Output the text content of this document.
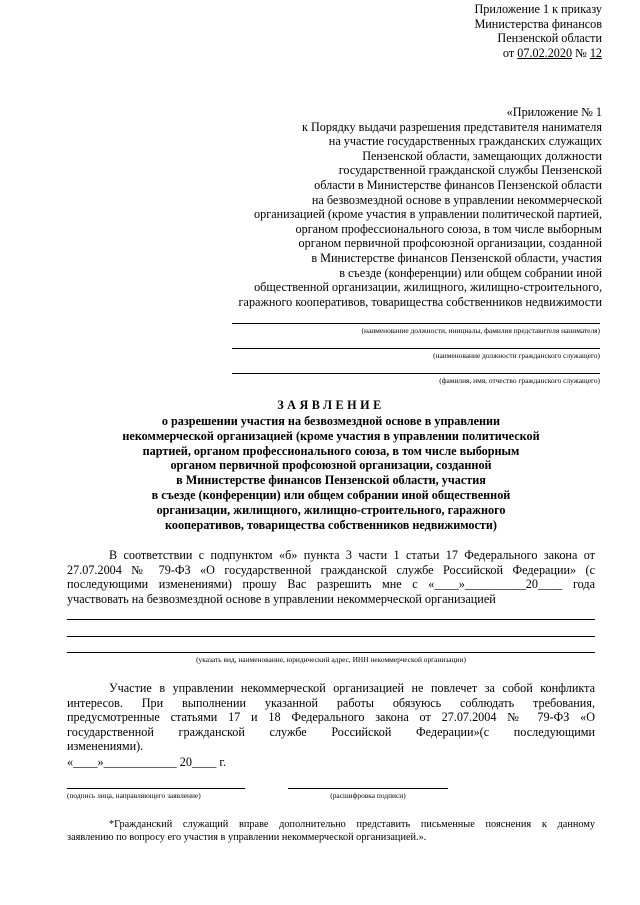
Приложение 1 к приказу
Министерства финансов
Пензенской области
от 07.02.2020 № 12
«Приложение № 1
к Порядку выдачи разрешения представителя нанимателя
на участие государственных гражданских служащих
Пензенской области, замещающих должности
государственной гражданской службы Пензенской
области в Министерстве финансов Пензенской области
на безвозмездной основе в управлении некоммерческой
организацией (кроме участия в управлении политической партией,
органом профессионального союза, в том числе выборным
органом первичной профсоюзной организации, созданной
в Министерстве финансов Пензенской области, участия
в съезде (конференции) или общем собрании иной
общественной организации, жилищного, жилищно-строительного,
гаражного кооперативов, товарищества собственников недвижимости
(наименование должности, инициалы, фамилия представителя нанимателя)
(наименование должности гражданского служащего)
(фамилия, имя, отчество гражданского служащего)
ЗАЯВЛЕНИЕ
о разрешении участия на безвозмездной основе в управлении
некоммерческой организацией (кроме участия в управлении политической
партией, органом профессионального союза, в том числе выборным
органом первичной профсоюзной организации, созданной
в Министерстве финансов Пензенской области, участия
в съезде (конференции) или общем собрании иной общественной
организации, жилищного, жилищно-строительного, гаражного
кооперативов, товарищества собственников недвижимости)
В соответствии с подпунктом «б» пункта 3 части 1 статьи 17 Федерального закона от
27.07.2004 № 79-ФЗ «О государственной гражданской службе Российской Федерации» (с
последующими изменениями) прошу Вас разрешить мне с «____»__________20____ года
участвовать на безвозмездной основе в управлении некоммерческой организацией
(указать вид, наименование, юридический адрес, ИНН некоммерческой организации)
Участие в управлении некоммерческой организацией не повлечет за собой конфликта
интересов. При выполнении указанной работы обязуюсь соблюдать требования,
предусмотренные статьями 17 и 18 Федерального закона от 27.07.2004 № 79-ФЗ «О
государственной гражданской службе Российской Федерации»(с последующими
изменениями).
«____»____________ 20____ г.
(подпись лица, направляющего заявление)	(расшифровка подписи)
*Гражданский служащий вправе дополнительно представить письменные пояснения к данному
заявлению по вопросу его участия в управлении некоммерческой организацией.».
